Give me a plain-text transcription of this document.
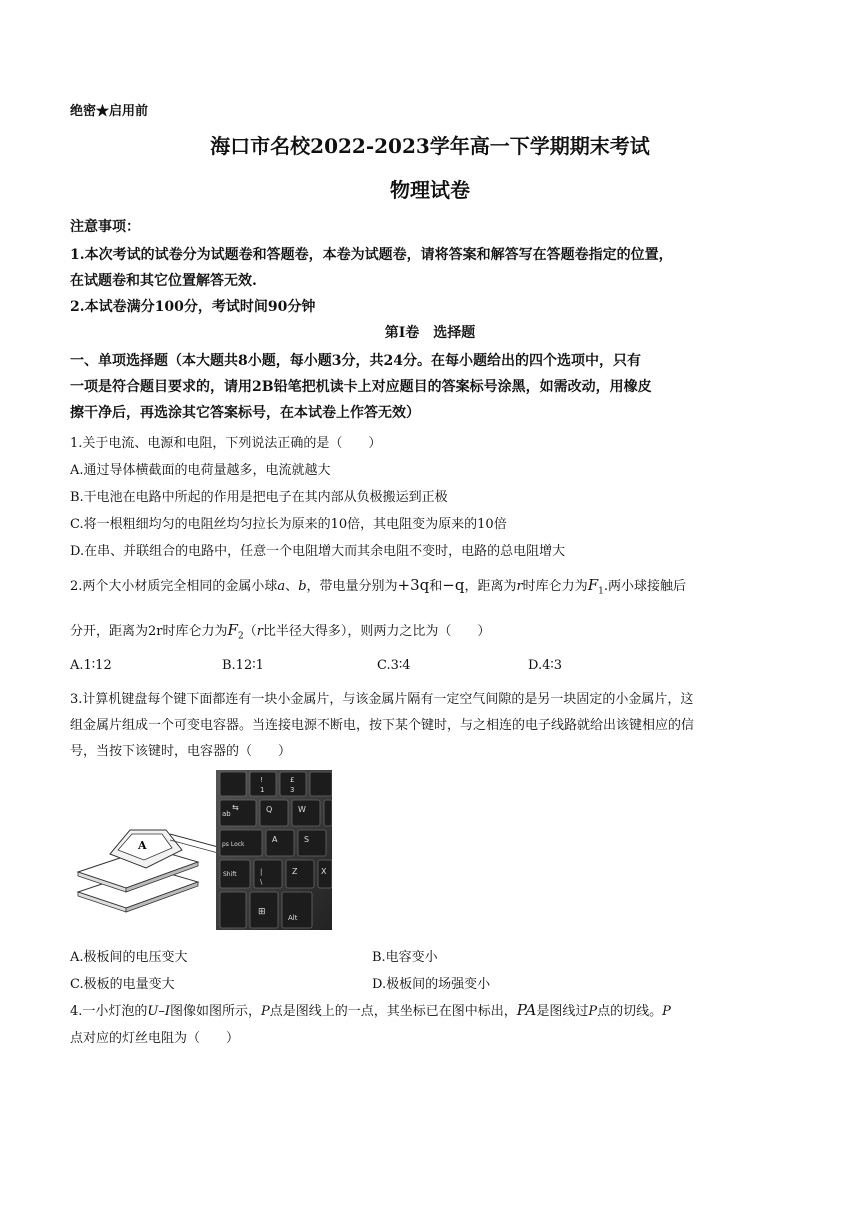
绝密★启用前
海口市名校2022-2023学年高一下学期期末考试
物理试卷
注意事项：
1.本次考试的试卷分为试题卷和答题卷，本卷为试题卷，请将答案和解答写在答题卷指定的位置，
在试题卷和其它位置解答无效.
2.本试卷满分100分，考试时间90分钟
第Ⅰ卷　选择题
一、单项选择题（本大题共8小题，每小题3分，共24分。在每小题给出的四个选项中，只有
一项是符合题目要求的，请用2B铅笔把机读卡上对应题目的答案标号涂黑，如需改动，用橡皮
擦干净后，再选涂其它答案标号，在本试卷上作答无效）
1.关于电流、电源和电阻，下列说法正确的是（　　）
A.通过导体横截面的电荷量越多，电流就越大
B.干电池在电路中所起的作用是把电子在其内部从负极搬运到正极
C.将一根粗细均匀的电阻丝均匀拉长为原来的10倍，其电阻变为原来的10倍
D.在串、并联组合的电路中，任意一个电阻增大而其余电阻不变时，电路的总电阻增大
2.两个大小材质完全相同的金属小球a、b，带电量分别为+3q和−q，距离为r时库仑力为$F_1$.两小球接触后
分开，距离为2r时库仑力为$F_2(r$比半径大得多），则两力之比为（　　）
A.1∶12	B.12∶1	C.3∶4	D.4∶3
3.计算机键盘每个键下面都连有一块小金属片，与该金属片隔有一定空气间隙的是另一块固定的小金属片，这
组金属片组成一个可变电容器。当连接电源不断电，按下某个键时，与之相连的电子线路就给出该键相应的信
号，当按下该键时，电容器的（　　）
A
!
1
£
3
ab
⇆	Q	W
ps Lock
A	S
Shift	|
\
Z	X
⊞
Alt
A.极板间的电压变大	B.电容变小
C.极板的电量变大	D.极板间的场强变小
4.一小灯泡的U–I图像如图所示，P点是图线上的一点，其坐标已在图中标出，PA是图线过P点的切线。P
点对应的灯丝电阻为（　　）
